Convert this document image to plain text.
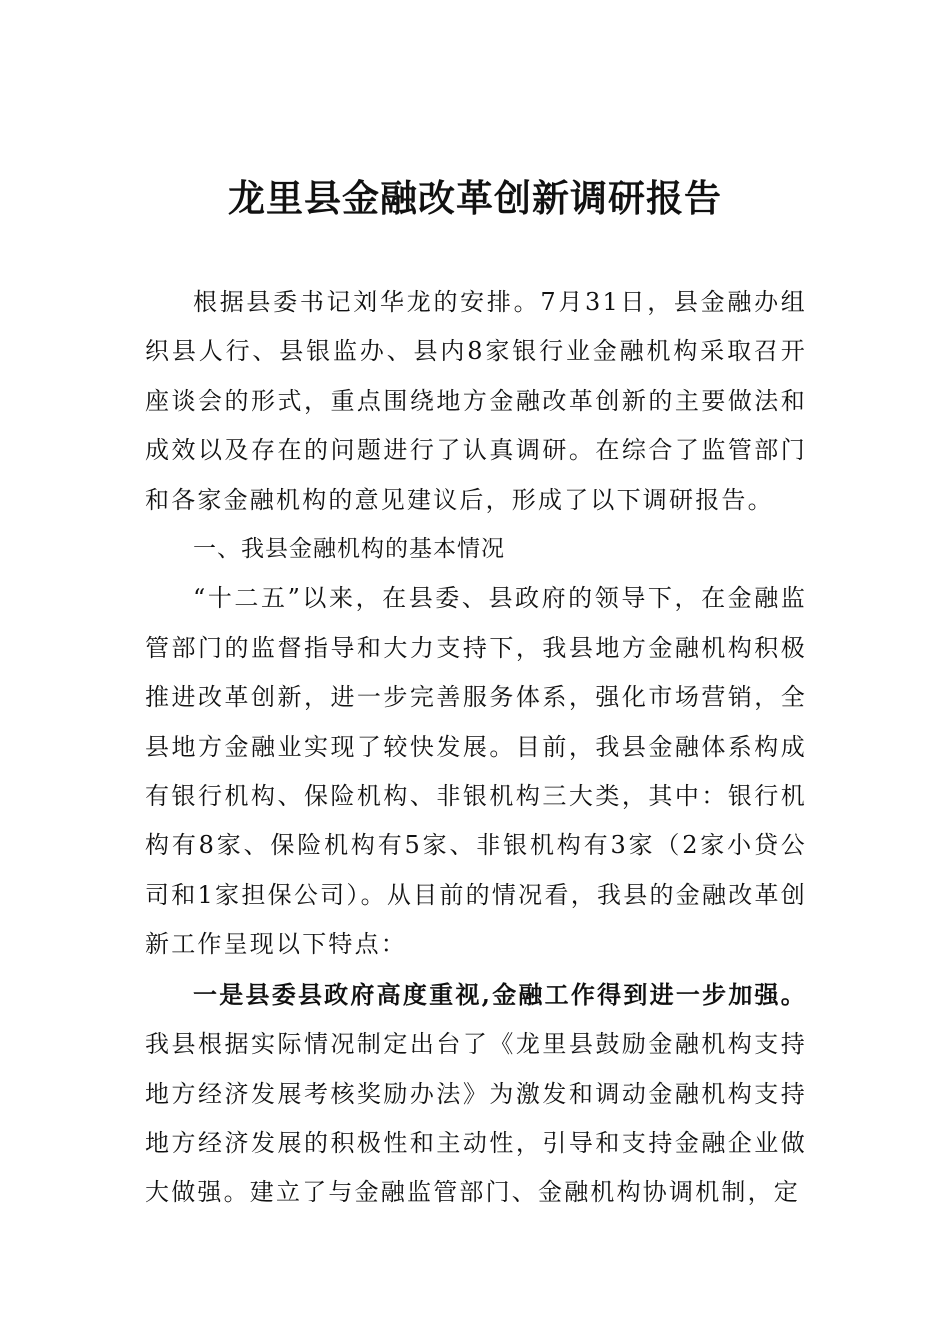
龙里县金融改革创新调研报告

根据县委书记刘华龙的安排。7月31日，县金融办组织县人行、县银监办、县内8家银行业金融机构采取召开座谈会的形式，重点围绕地方金融改革创新的主要做法和成效以及存在的问题进行了认真调研。在综合了监管部门和各家金融机构的意见建议后，形成了以下调研报告。

一、我县金融机构的基本情况

“十二五”以来，在县委、县政府的领导下，在金融监管部门的监督指导和大力支持下，我县地方金融机构积极推进改革创新，进一步完善服务体系，强化市场营销，全县地方金融业实现了较快发展。目前，我县金融体系构成有银行机构、保险机构、非银机构三大类，其中：银行机构有8家、保险机构有5家、非银机构有3家（2家小贷公司和1家担保公司）。从目前的情况看，我县的金融改革创新工作呈现以下特点：

一是县委县政府高度重视,金融工作得到进一步加强。我县根据实际情况制定出台了《龙里县鼓励金融机构支持地方经济发展考核奖励办法》为激发和调动金融机构支持地方经济发展的积极性和主动性，引导和支持金融企业做大做强。建立了与金融监管部门、金融机构协调机制，定
